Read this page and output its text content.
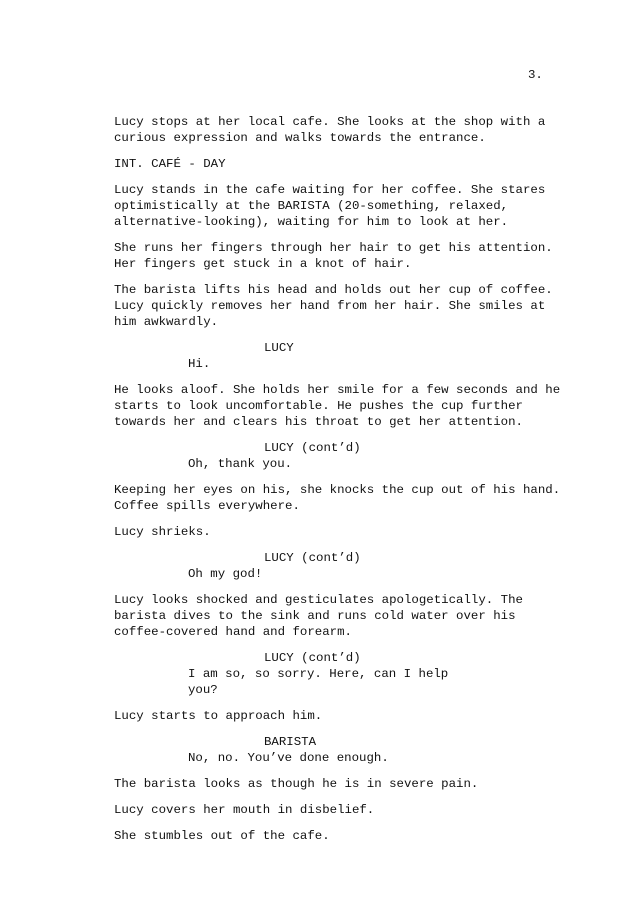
3.

Lucy stops at her local cafe. She looks at the shop with a
curious expression and walks towards the entrance.

INT. CAFÉ - DAY

Lucy stands in the cafe waiting for her coffee. She stares
optimistically at the BARISTA (20-something, relaxed,
alternative-looking), waiting for him to look at her.

She runs her fingers through her hair to get his attention.
Her fingers get stuck in a knot of hair.

The barista lifts his head and holds out her cup of coffee.
Lucy quickly removes her hand from her hair. She smiles at
him awkwardly.

LUCY

Hi.

He looks aloof. She holds her smile for a few seconds and he
starts to look uncomfortable. He pushes the cup further
towards her and clears his throat to get her attention.

LUCY (cont’d)

Oh, thank you.

Keeping her eyes on his, she knocks the cup out of his hand.
Coffee spills everywhere.

Lucy shrieks.

LUCY (cont’d)

Oh my god!

Lucy looks shocked and gesticulates apologetically. The
barista dives to the sink and runs cold water over his
coffee-covered hand and forearm.

LUCY (cont’d)

I am so, so sorry. Here, can I help
you?

Lucy starts to approach him.

BARISTA

No, no. You’ve done enough.

The barista looks as though he is in severe pain.

Lucy covers her mouth in disbelief.

She stumbles out of the cafe.
